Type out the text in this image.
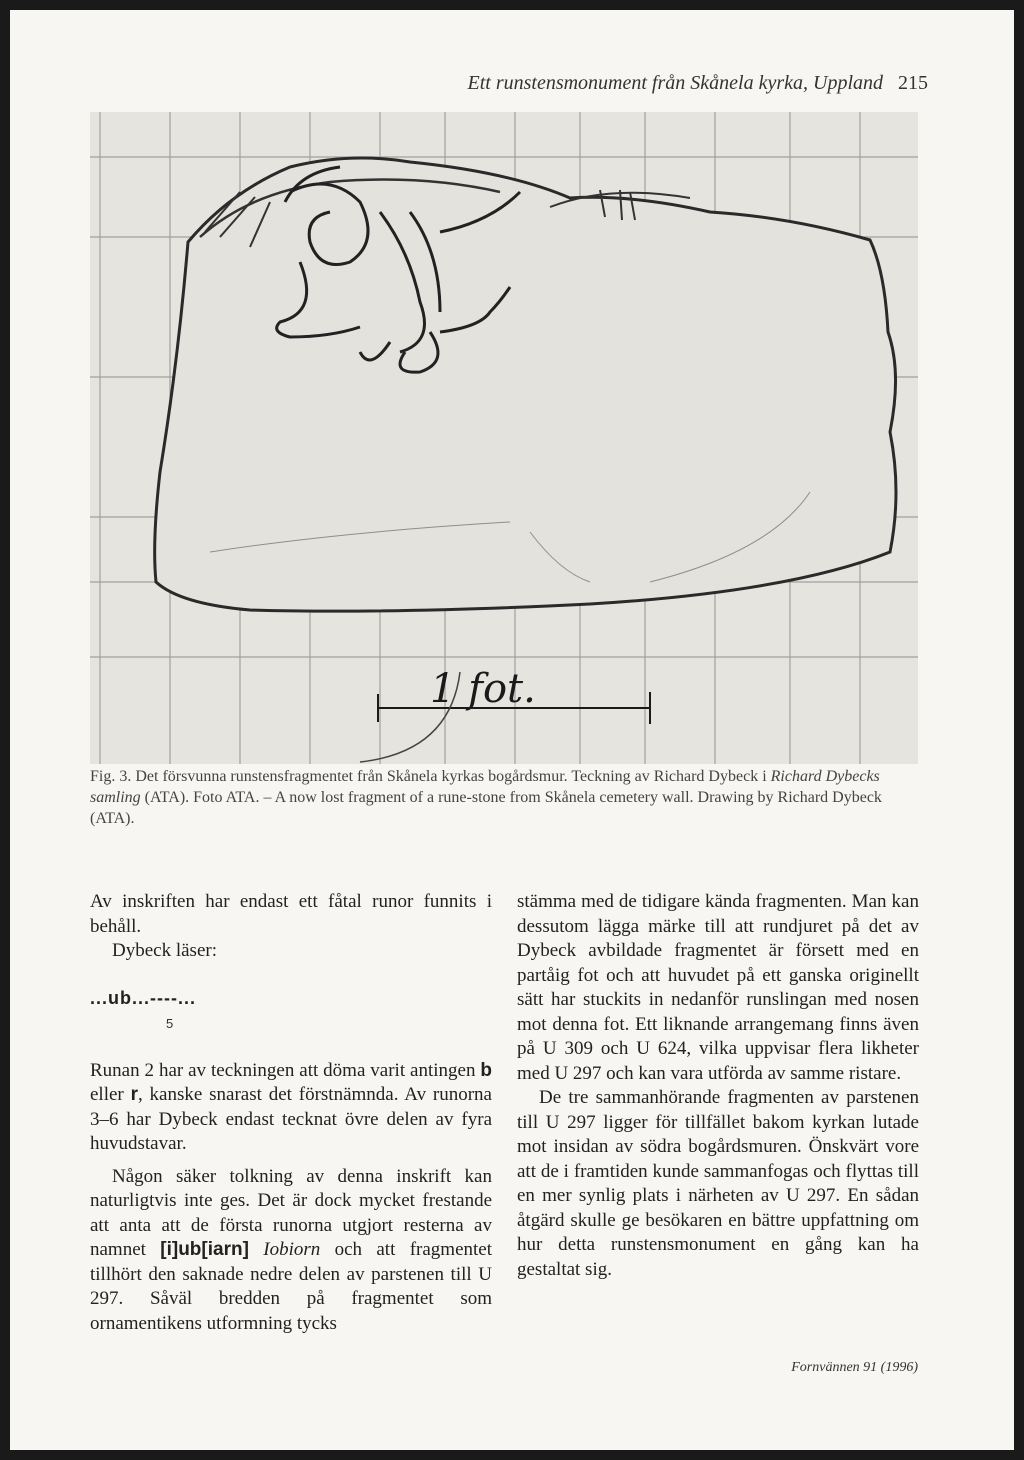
Ett runstensmonument från Skånela kyrka, Uppland 215
1 fot.
Fig. 3. Det försvunna runstensfragmentet från Skånela kyrkas bogårdsmur. Teckning av Richard Dybeck i Richard Dybecks samling (ATA). Foto ATA. – A now lost fragment of a rune-stone from Skånela cemetery wall. Drawing by Richard Dybeck (ATA).

Av inskriften har endast ett fåtal runor funnits i behåll.

Dybeck läser:

...ub...----...
5

Runan 2 har av teckningen att döma varit antingen b eller r, kanske snarast det förstnämnda. Av runorna 3–6 har Dybeck endast tecknat övre delen av fyra huvudstavar.

Någon säker tolkning av denna inskrift kan naturligtvis inte ges. Det är dock mycket frestande att anta att de första runorna utgjort resterna av namnet [i]ub[iarn] Iobiorn och att fragmentet tillhört den saknade nedre delen av parstenen till U 297. Såväl bredden på fragmentet som ornamentikens utformning tycks

stämma med de tidigare kända fragmenten. Man kan dessutom lägga märke till att rundjuret på det av Dybeck avbildade fragmentet är försett med en partåig fot och att huvudet på ett ganska originellt sätt har stuckits in nedanför runslingan med nosen mot denna fot. Ett liknande arrangemang finns även på U 309 och U 624, vilka uppvisar flera likheter med U 297 och kan vara utförda av samme ristare.

De tre sammanhörande fragmenten av parstenen till U 297 ligger för tillfället bakom kyrkan lutade mot insidan av södra bogårdsmuren. Önskvärt vore att de i framtiden kunde sammanfogas och flyttas till en mer synlig plats i närheten av U 297. En sådan åtgärd skulle ge besökaren en bättre uppfattning om hur detta runstensmonument en gång kan ha gestaltat sig.

Fornvännen 91 (1996)
